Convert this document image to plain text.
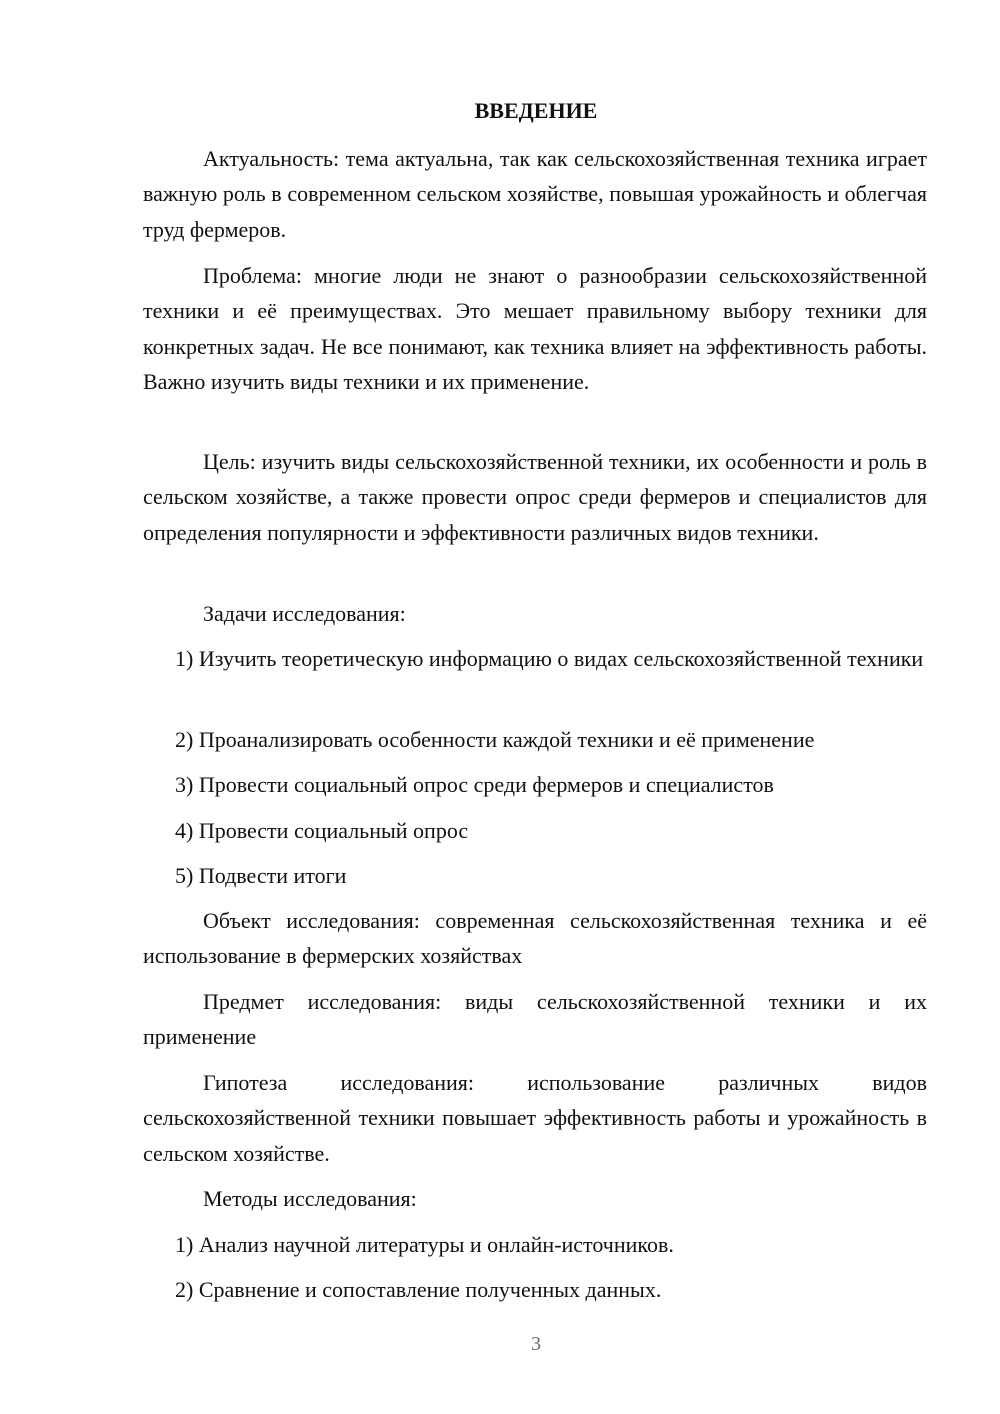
ВВЕДЕНИЕ

Актуальность: тема актуальна, так как сельскохозяйственная техника играет важную роль в современном сельском хозяйстве, повышая урожайность и облегчая труд фермеров.

Проблема: многие люди не знают о разнообразии сельскохозяйственной техники и её преимуществах. Это мешает правильному выбору техники для конкретных задач. Не все понимают, как техника влияет на эффективность работы. Важно изучить виды техники и их применение.

Цель: изучить виды сельскохозяйственной техники, их особенности и роль в сельском хозяйстве, а также провести опрос среди фермеров и специалистов для определения популярности и эффективности различных видов техники.

Задачи исследования:

1) Изучить теоретическую информацию о видах сельскохозяйственной техники

2) Проанализировать особенности каждой техники и её применение

3) Провести социальный опрос среди фермеров и специалистов

4) Провести социальный опрос

5) Подвести итоги

Объект исследования: современная сельскохозяйственная техника и её использование в фермерских хозяйствах

Предмет исследования: виды сельскохозяйственной техники и их применение

Гипотеза исследования: использование различных видов сельскохозяйственной техники повышает эффективность работы и урожайность в сельском хозяйстве.

Методы исследования:

1) Анализ научной литературы и онлайн-источников.

2) Сравнение и сопоставление полученных данных.

3
